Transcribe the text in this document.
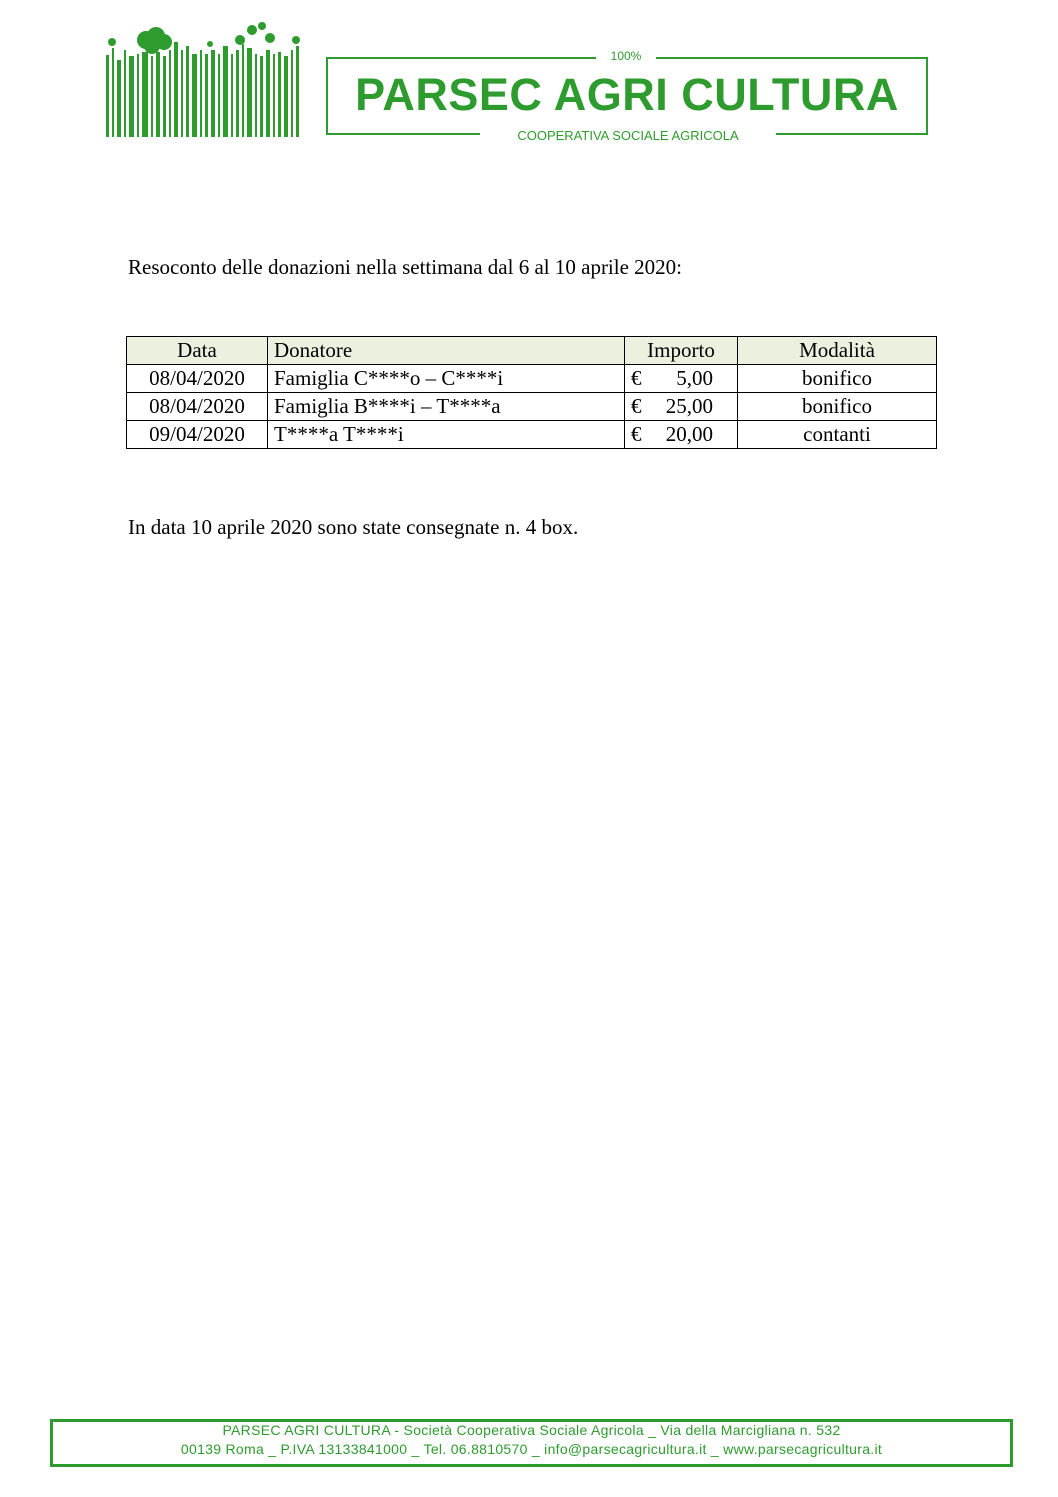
100%
PARSEC AGRI CULTURA
COOPERATIVA SOCIALE AGRICOLA
Resoconto delle donazioni nella settimana dal 6 al 10 aprile 2020:
Data	Donatore	Importo	Modalità
08/04/2020	Famiglia C****o – C****i	€ 5,00	bonifico
08/04/2020	Famiglia B****i – T****a	€ 25,00	bonifico
09/04/2020	T****a T****i	€ 20,00	contanti
In data 10 aprile 2020 sono state consegnate n. 4 box.
PARSEC AGRI CULTURA - Società Cooperativa Sociale Agricola _ Via della Marcigliana n. 532
00139 Roma _ P.IVA 13133841000 _ Tel. 06.8810570 _ info@parsecagricultura.it _ www.parsecagricultura.it
